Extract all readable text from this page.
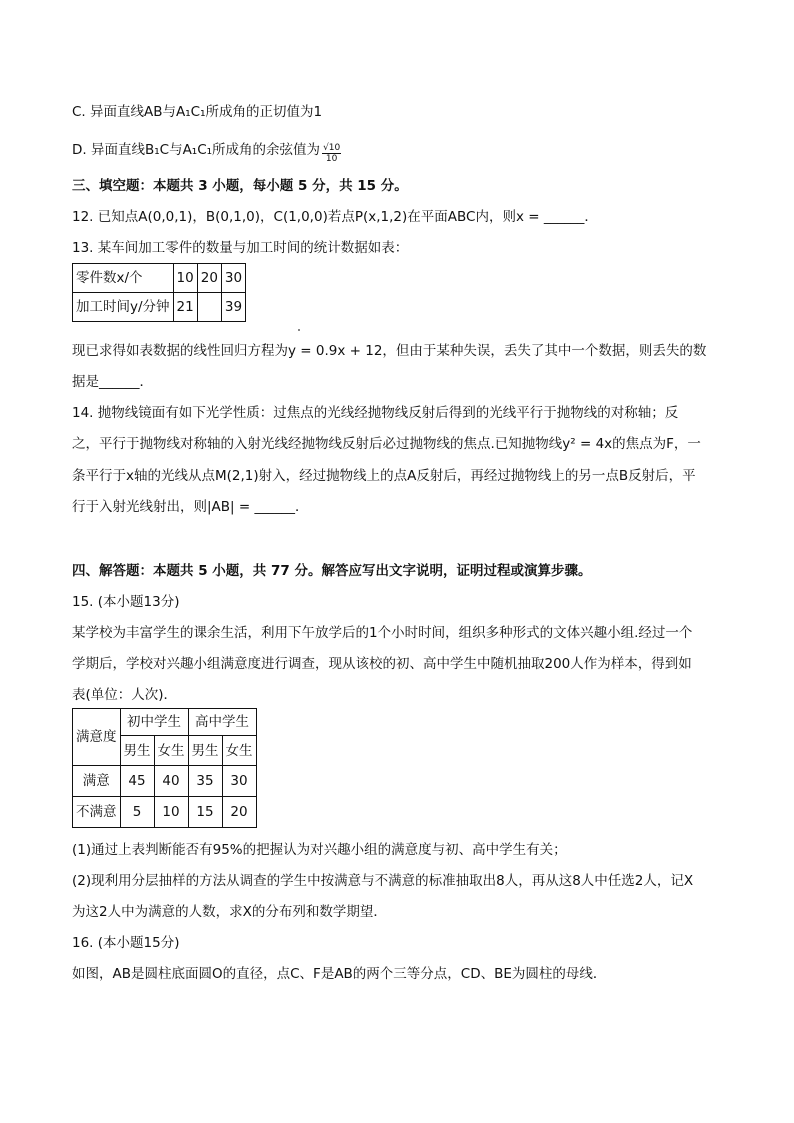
C. 异面直线AB与A₁C₁所成角的正切值为1
D. 异面直线B₁C与A₁C₁所成角的余弦值为 $\frac{√10}{10}$
三、填空题：本题共 3 小题，每小题 5 分，共 15 分。
12. 已知点A(0,0,1)，B(0,1,0)，C(1,0,0)若点P(x,1,2)在平面ABC内，则x = ______．
13. 某车间加工零件的数量与加工时间的统计数据如表：
零件数x/个	10	20	30
加工时间y/分钟	21		39
现已求得如表数据的线性回归方程为y = 0.9x + 12，但由于某种失误，丢失了其中一个数据，则丢失的数
据是______．
14. 抛物线镜面有如下光学性质：过焦点的光线经抛物线反射后得到的光线平行于抛物线的对称轴；反
之，平行于抛物线对称轴的入射光线经抛物线反射后必过抛物线的焦点.已知抛物线y² = 4x的焦点为F，一
条平行于x轴的光线从点M(2,1)射入，经过抛物线上的点A反射后，再经过抛物线上的另一点B反射后，平
行于入射光线射出，则|AB| = ______．
四、解答题：本题共 5 小题，共 77 分。解答应写出文字说明，证明过程或演算步骤。
15. (本小题13分)
某学校为丰富学生的课余生活，利用下午放学后的1个小时时间，组织多种形式的文体兴趣小组.经过一个
学期后，学校对兴趣小组满意度进行调查，现从该校的初、高中学生中随机抽取200人作为样本，得到如
表(单位：人次)．
满意度	初中学生		高中学生	
	男生	女生	男生	女生
满意	45	40	35	30
不满意	5	10	15	20
(1)通过上表判断能否有95%的把握认为对兴趣小组的满意度与初、高中学生有关；
(2)现利用分层抽样的方法从调查的学生中按满意与不满意的标准抽取出8人，再从这8人中任选2人，记X
为这2人中为满意的人数，求X的分布列和数学期望．
16. (本小题15分)
如图，AB是圆柱底面圆O的直径，点C、F是AB的两个三等分点，CD、BE为圆柱的母线．
